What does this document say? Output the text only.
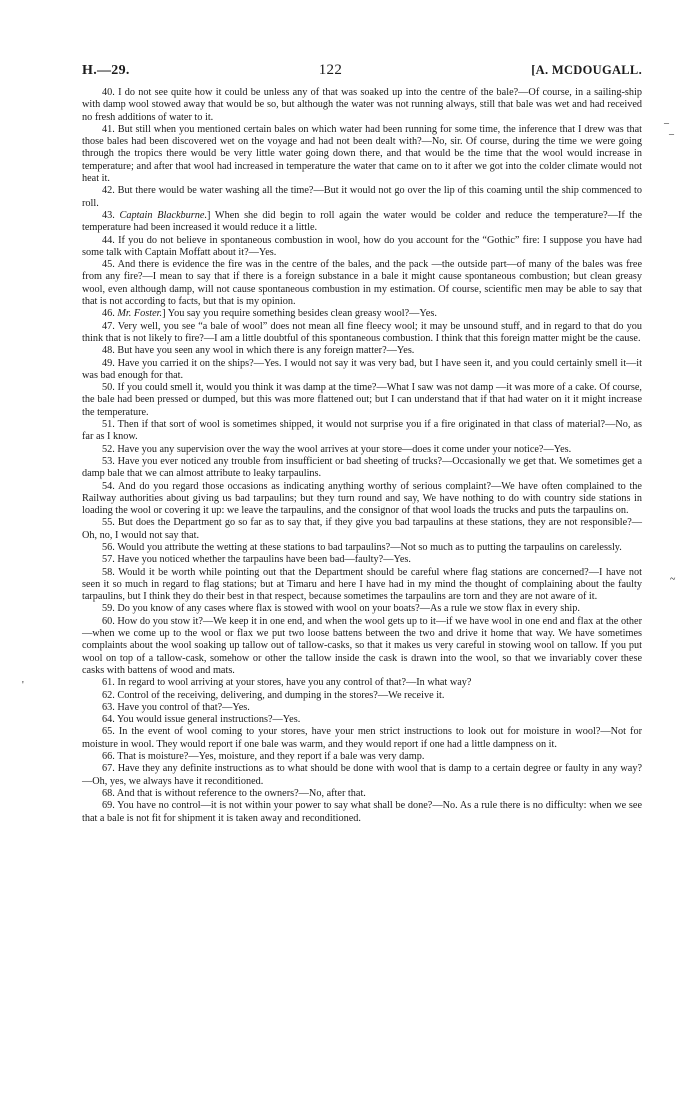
–
–
~
'
H.—29.	122	[A. MCDOUGALL.

40. I do not see quite how it could be unless any of that was soaked up into the centre of the bale?—Of course, in a sailing-ship with damp wool stowed away that would be so, but although the water was not running always, still that bale was wet and had received no fresh additions of water to it.

41. But still when you mentioned certain bales on which water had been running for some time, the inference that I drew was that those bales had been discovered wet on the voyage and had not been dealt with?—No, sir. Of course, during the time we were going through the tropics there would be very little water going down there, and that would be the time that the wool would increase in temperature; and after that wool had increased in temperature the water that came on to it after we got into the colder climate would not heat it.

42. But there would be water washing all the time?—But it would not go over the lip of this coaming until the ship commenced to roll.

43. Captain Blackburne.] When she did begin to roll again the water would be colder and reduce the temperature?—If the temperature had been increased it would reduce it a little.

44. If you do not believe in spontaneous combustion in wool, how do you account for the “Gothic” fire: I suppose you have had some talk with Captain Moffatt about it?—Yes.

45. And there is evidence the fire was in the centre of the bales, and the pack —the outside part—of many of the bales was free from any fire?—I mean to say that if there is a foreign substance in a bale it might cause spontaneous combustion; but clean greasy wool, even although damp, will not cause spontaneous combustion in my estimation. Of course, scientific men may be able to say that that is not according to facts, but that is my opinion.

46. Mr. Foster.] You say you require something besides clean greasy wool?—Yes.

47. Very well, you see “a bale of wool” does not mean all fine fleecy wool; it may be unsound stuff, and in regard to that do you think that is not likely to fire?—I am a little doubtful of this spontaneous combustion. I think that this foreign matter might be the cause.

48. But have you seen any wool in which there is any foreign matter?—Yes.

49. Have you carried it on the ships?—Yes. I would not say it was very bad, but I have seen it, and you could certainly smell it—it was bad enough for that.

50. If you could smell it, would you think it was damp at the time?—What I saw was not damp —it was more of a cake. Of course, the bale had been pressed or dumped, but this was more flattened out; but I can understand that if that had water on it it might increase the temperature.

51. Then if that sort of wool is sometimes shipped, it would not surprise you if a fire originated in that class of material?—No, as far as I know.

52. Have you any supervision over the way the wool arrives at your store—does it come under your notice?—Yes.

53. Have you ever noticed any trouble from insufficient or bad sheeting of trucks?—Occasionally we get that. We sometimes get a damp bale that we can almost attribute to leaky tarpaulins.

54. And do you regard those occasions as indicating anything worthy of serious complaint?—We have often complained to the Railway authorities about giving us bad tarpaulins; but they turn round and say, We have nothing to do with country side stations in loading the wool or covering it up: we leave the tarpaulins, and the consignor of that wool loads the trucks and puts the tarpaulins on.

55. But does the Department go so far as to say that, if they give you bad tarpaulins at these stations, they are not responsible?—Oh, no, I would not say that.

56. Would you attribute the wetting at these stations to bad tarpaulins?—Not so much as to putting the tarpaulins on carelessly.

57. Have you noticed whether the tarpaulins have been bad—faulty?—Yes.

58. Would it be worth while pointing out that the Department should be careful where flag stations are concerned?—I have not seen it so much in regard to flag stations; but at Timaru and here I have had in my mind the thought of complaining about the faulty tarpaulins, but I think they do their best in that respect, because sometimes the tarpaulins are torn and they are not aware of it.

59. Do you know of any cases where flax is stowed with wool on your boats?—As a rule we stow flax in every ship.

60. How do you stow it?—We keep it in one end, and when the wool gets up to it—if we have wool in one end and flax at the other—when we come up to the wool or flax we put two loose battens between the two and drive it home that way. We have sometimes complaints about the wool soaking up tallow out of tallow-casks, so that it makes us very careful in stowing wool on tallow. If you put wool on top of a tallow-cask, somehow or other the tallow inside the cask is drawn into the wool, so that we invariably cover these casks with battens of wood and mats.

61. In regard to wool arriving at your stores, have you any control of that?—In what way?

62. Control of the receiving, delivering, and dumping in the stores?—We receive it.

63. Have you control of that?—Yes.

64. You would issue general instructions?—Yes.

65. In the event of wool coming to your stores, have your men strict instructions to look out for moisture in wool?—Not for moisture in wool. They would report if one bale was warm, and they would report if one had a little dampness on it.

66. That is moisture?—Yes, moisture, and they report if a bale was very damp.

67. Have they any definite instructions as to what should be done with wool that is damp to a certain degree or faulty in any way?—Oh, yes, we always have it reconditioned.

68. And that is without reference to the owners?—No, after that.

69. You have no control—it is not within your power to say what shall be done?—No. As a rule there is no difficulty: when we see that a bale is not fit for shipment it is taken away and reconditioned.
